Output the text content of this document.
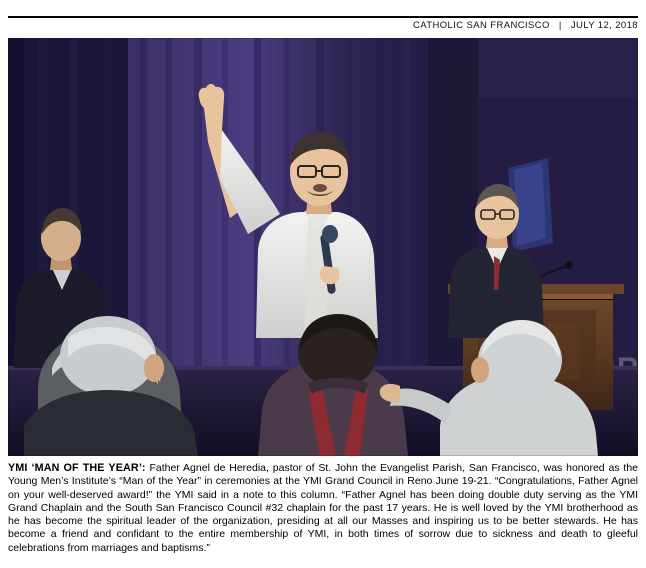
CATHOLIC SAN FRANCISCO | JULY 12, 2018
YMI ‘MAN OF THE YEAR’: Father Agnel de Heredia, pastor of St. John the Evangelist Parish, San Francisco, was honored as the Young Men’s Institute’s “Man of the Year” in ceremonies at the YMI Grand Council in Reno June 19-21. “Congratulations, Father Agnel on your well-deserved award!” the YMI said in a note to this column. “Father Agnel has been doing double duty serving as the YMI Grand Chaplain and the South San Francisco Council #32 chaplain for the past 17 years. He is well loved by the YMI brotherhood as he has become the spiritual leader of the organization, presiding at all our Masses and inspiring us to be better stewards. He has become a friend and confidant to the entire membership of YMI, in both times of sorrow due to sickness and death to gleeful celebrations from marriages and baptisms.”
